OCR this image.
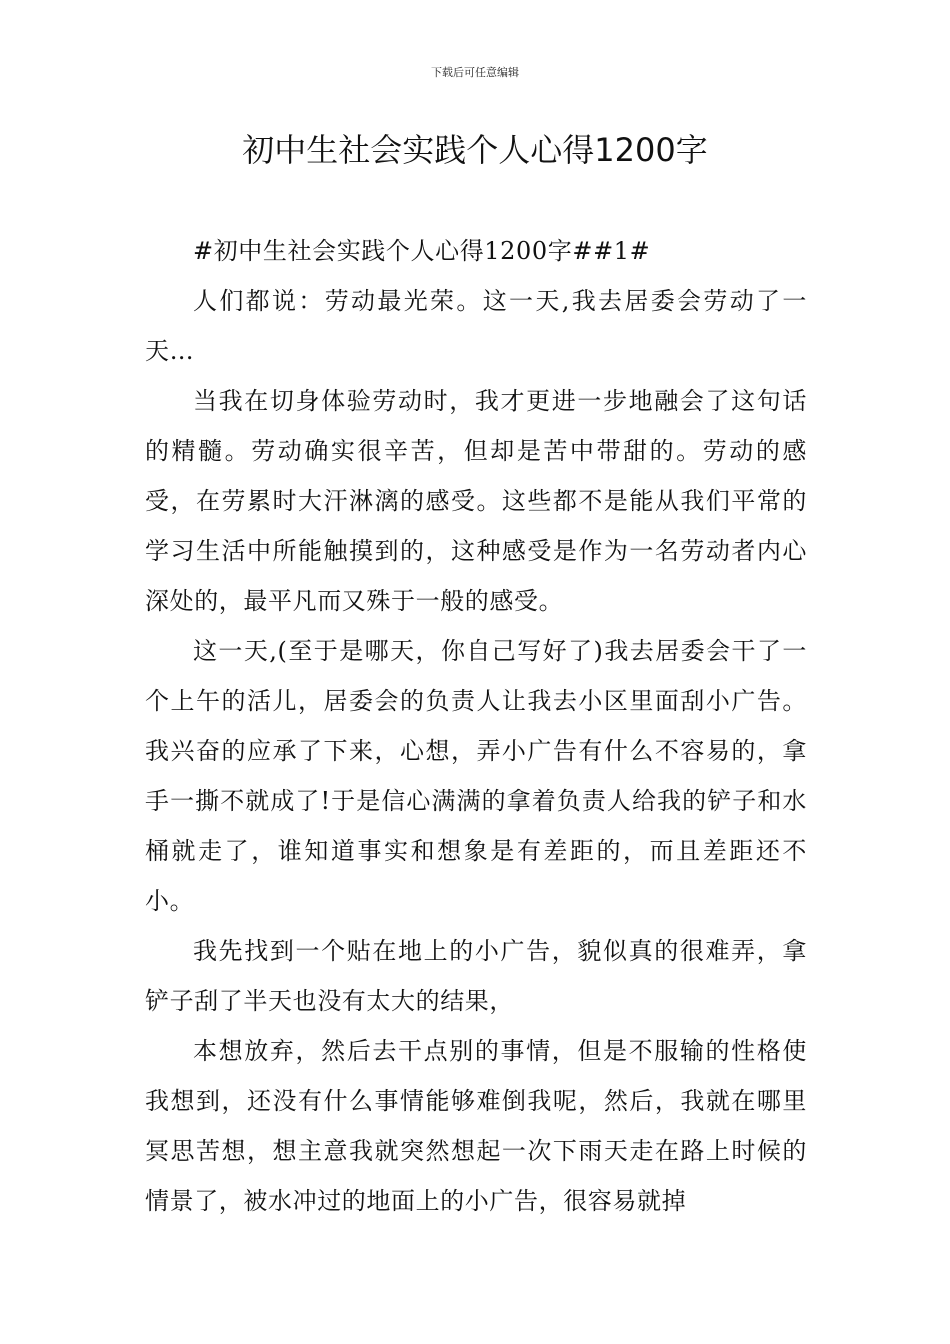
下载后可任意编辑
初中生社会实践个人心得1200字

#初中生社会实践个人心得1200字##1#

人们都说：劳动最光荣。这一天,我去居委会劳动了一天…

当我在切身体验劳动时，我才更进一步地融会了这句话的精髓。劳动确实很辛苦，但却是苦中带甜的。劳动的感受，在劳累时大汗淋漓的感受。这些都不是能从我们平常的学习生活中所能触摸到的，这种感受是作为一名劳动者内心深处的，最平凡而又殊于一般的感受。

这一天,(至于是哪天，你自己写好了)我去居委会干了一个上午的活儿，居委会的负责人让我去小区里面刮小广告。我兴奋的应承了下来，心想，弄小广告有什么不容易的，拿手一撕不就成了!于是信心满满的拿着负责人给我的铲子和水桶就走了，谁知道事实和想象是有差距的，而且差距还不小。

我先找到一个贴在地上的小广告，貌似真的很难弄，拿铲子刮了半天也没有太大的结果，

本想放弃，然后去干点别的事情，但是不服输的性格使我想到，还没有什么事情能够难倒我呢，然后，我就在哪里冥思苦想，想主意我就突然想起一次下雨天走在路上时候的情景了，被水冲过的地面上的小广告，很容易就掉
